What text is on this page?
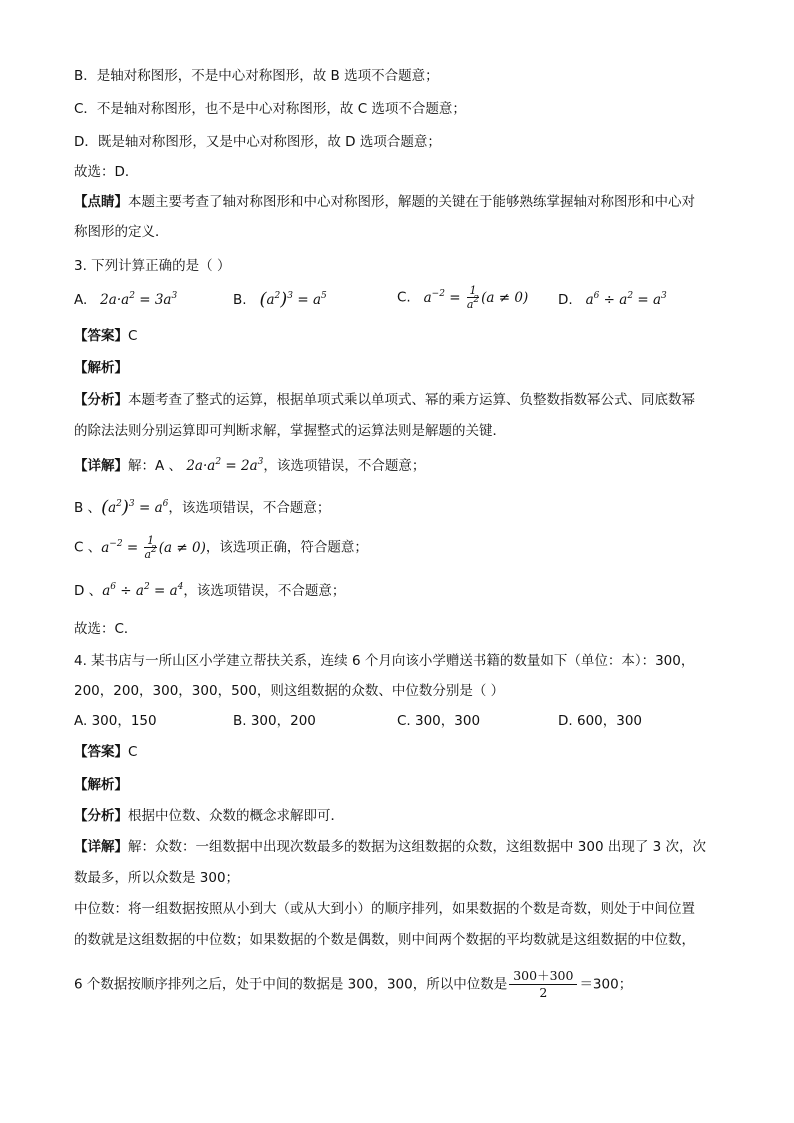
B．是轴对称图形，不是中心对称图形，故 B 选项不合题意；
C．不是轴对称图形，也不是中心对称图形，故 C 选项不合题意；
D．既是轴对称图形，又是中心对称图形，故 D 选项合题意；
故选：D．
【点睛】本题主要考查了轴对称图形和中心对称图形，解题的关键在于能够熟练掌握轴对称图形和中心对
称图形的定义．
3. 下列计算正确的是（ ）
A. $2a\cdot a^2 = 3a^3$	B. $(a^2)^3 = a^5$	C. $a^{-2} = \frac{1}{a^2} (a \ne 0)$ D. $a^6 \div a^2 = a^3$
【答案】C
【解析】
【分析】本题考查了整式的运算，根据单项式乘以单项式、幂的乘方运算、负整数指数幂公式、同底数幂
的除法法则分别运算即可判断求解，掌握整式的运算法则是解题的关键．
【详解】解：A 、 $2a\cdot a^2 = 2a^3$，该选项错误，不合题意；
B 、$(a^2)^3 = a^6$，该选项错误，不合题意；
C 、$a^{-2} = \frac{1}{a^2} (a \ne 0)$，该选项正确，符合题意；
D 、$a^6 \div a^2 = a^4$，该选项错误，不合题意；
故选：C．
4. 某书店与一所山区小学建立帮扶关系，连续 6 个月向该小学赠送书籍的数量如下（单位：本）：300，
200，200，300，300，500，则这组数据的众数、中位数分别是（ ）
A. 300，150	B. 300，200	C. 300，300	D. 600，300
【答案】C
【解析】
【分析】根据中位数、众数的概念求解即可．
【详解】解：众数：一组数据中出现次数最多的数据为这组数据的众数，这组数据中 300 出现了 3 次，次
数最多，所以众数是 300；
中位数：将一组数据按照从小到大（或从大到小）的顺序排列，如果数据的个数是奇数，则处于中间位置
的数就是这组数据的中位数；如果数据的个数是偶数，则中间两个数据的平均数就是这组数据的中位数，
6 个数据按顺序排列之后，处于中间的数据是 300，300，所以中位数是 $\frac{300+300}{2} =300$；
